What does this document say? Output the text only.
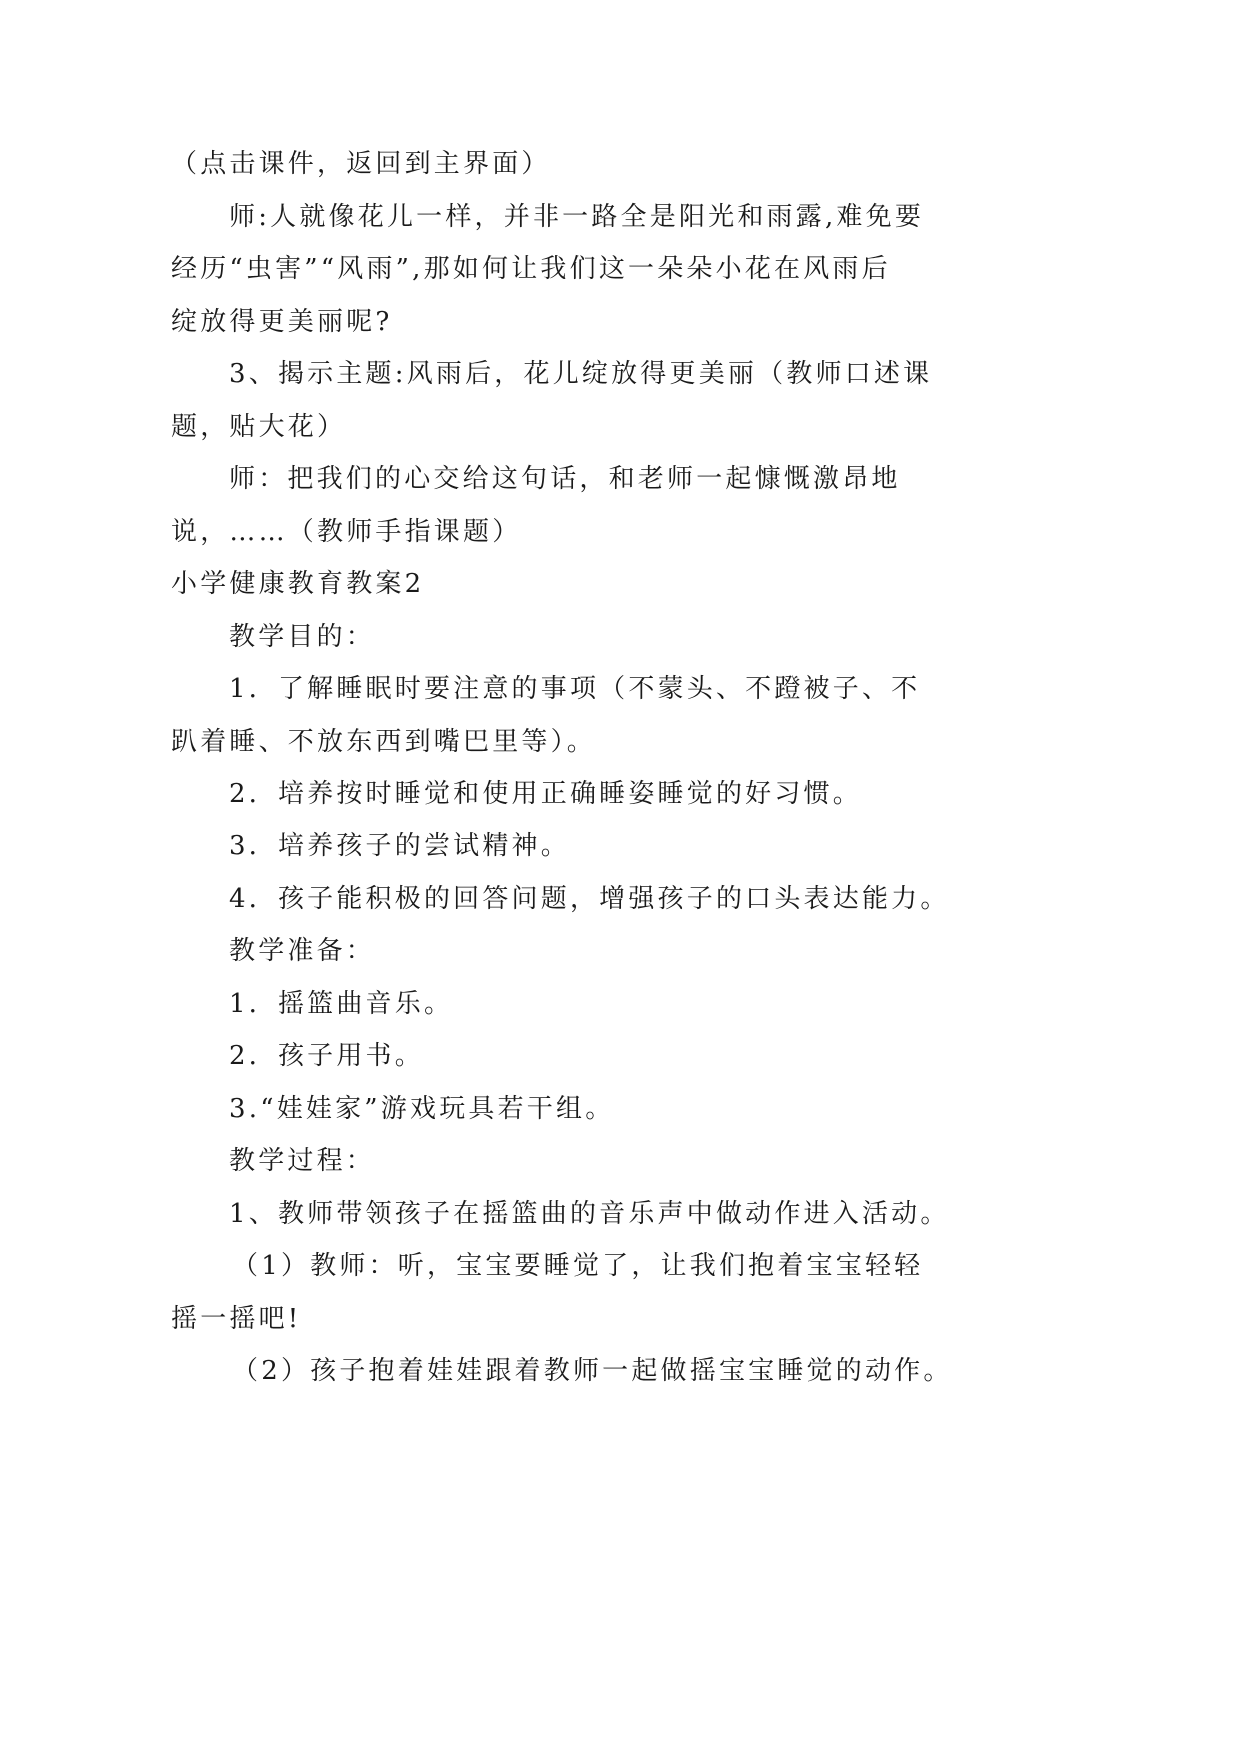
（点击课件，返回到主界面）
师:人就像花儿一样，并非一路全是阳光和雨露,难免要
经历“虫害”“风雨”,那如何让我们这一朵朵小花在风雨后
绽放得更美丽呢?
3、揭示主题:风雨后，花儿绽放得更美丽（教师口述课
题，贴大花）
师：把我们的心交给这句话，和老师一起慷慨激昂地
说，……（教师手指课题）
小学健康教育教案2
教学目的：
1．了解睡眠时要注意的事项（不蒙头、不蹬被子、不
趴着睡、不放东西到嘴巴里等）。
2．培养按时睡觉和使用正确睡姿睡觉的好习惯。
3．培养孩子的尝试精神。
4．孩子能积极的回答问题，增强孩子的口头表达能力。
教学准备：
1．摇篮曲音乐。
2．孩子用书。
3.“娃娃家”游戏玩具若干组。
教学过程：
1、教师带领孩子在摇篮曲的音乐声中做动作进入活动。
（1）教师：听，宝宝要睡觉了，让我们抱着宝宝轻轻
摇一摇吧!
（2）孩子抱着娃娃跟着教师一起做摇宝宝睡觉的动作。
